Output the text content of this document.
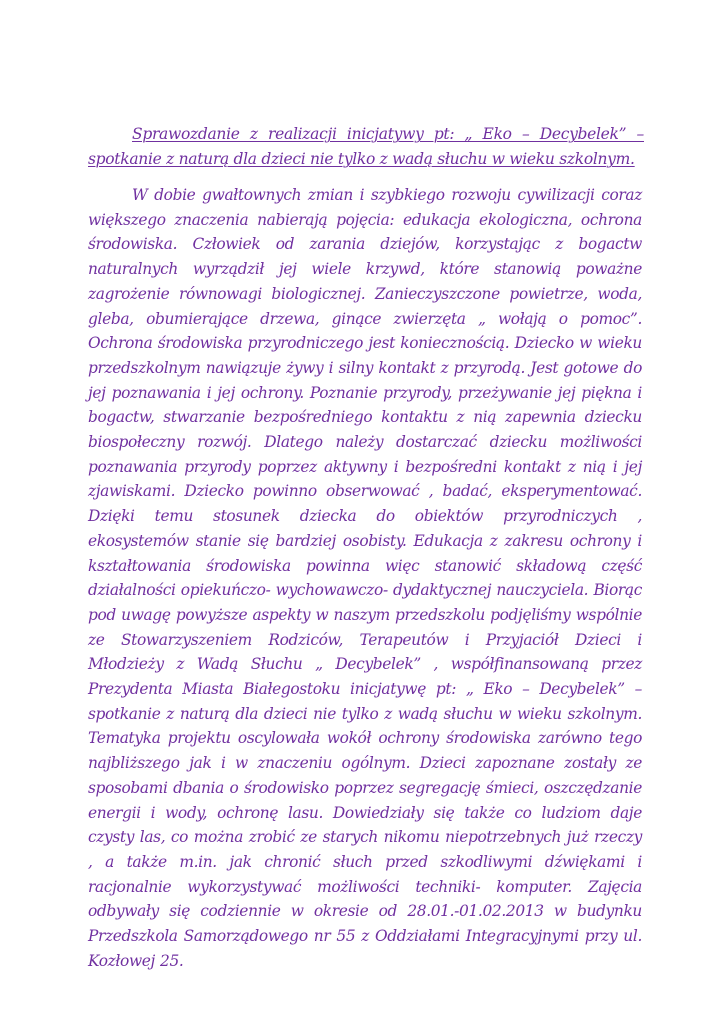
Sprawozdanie z realizacji inicjatywy pt: „ Eko – Decybelek” – spotkanie z naturą dla dzieci nie tylko z wadą słuchu w wieku szkolnym.

W dobie gwałtownych zmian i szybkiego rozwoju cywilizacji coraz większego znaczenia nabierają pojęcia: edukacja ekologiczna, ochrona środowiska. Człowiek od zarania dziejów, korzystając z bogactw naturalnych wyrządził jej wiele krzywd, które stanowią poważne zagrożenie równowagi biologicznej. Zanieczyszczone powietrze, woda, gleba, obumierające drzewa, ginące zwierzęta „ wołają o pomoc”. Ochrona środowiska przyrodniczego jest koniecznością. Dziecko w wieku przedszkolnym nawiązuje żywy i silny kontakt z przyrodą. Jest gotowe do jej poznawania i jej ochrony. Poznanie przyrody, przeżywanie jej piękna i bogactw, stwarzanie bezpośredniego kontaktu z nią zapewnia dziecku biospołeczny rozwój. Dlatego należy dostarczać dziecku możliwości poznawania przyrody poprzez aktywny i bezpośredni kontakt z nią i jej zjawiskami. Dziecko powinno obserwować , badać, eksperymentować. Dzięki temu stosunek dziecka do obiektów przyrodniczych , ekosystemów stanie się bardziej osobisty. Edukacja z zakresu ochrony i kształtowania środowiska powinna więc stanowić składową część działalności opiekuńczo- wychowawczo- dydaktycznej nauczyciela. Biorąc pod uwagę powyższe aspekty w naszym przedszkolu podjęliśmy wspólnie ze Stowarzyszeniem Rodziców, Terapeutów i Przyjaciół Dzieci i Młodzieży z Wadą Słuchu „ Decybelek” , współfinansowaną przez Prezydenta Miasta Białegostoku inicjatywę pt: „ Eko – Decybelek” – spotkanie z naturą dla dzieci nie tylko z wadą słuchu w wieku szkolnym. Tematyka projektu oscylowała wokół ochrony środowiska zarówno tego najbliższego jak i w znaczeniu ogólnym. Dzieci zapoznane zostały ze sposobami dbania o środowisko poprzez segregację śmieci, oszczędzanie energii i wody, ochronę lasu. Dowiedziały się także co ludziom daje czysty las, co można zrobić ze starych nikomu niepotrzebnych już rzeczy , a także m.in. jak chronić słuch przed szkodliwymi dźwiękami i racjonalnie wykorzystywać możliwości techniki- komputer. Zajęcia odbywały się codziennie w okresie od 28.01.-01.02.2013 w budynku Przedszkola Samorządowego nr 55 z Oddziałami Integracyjnymi przy ul. Kozłowej 25.
